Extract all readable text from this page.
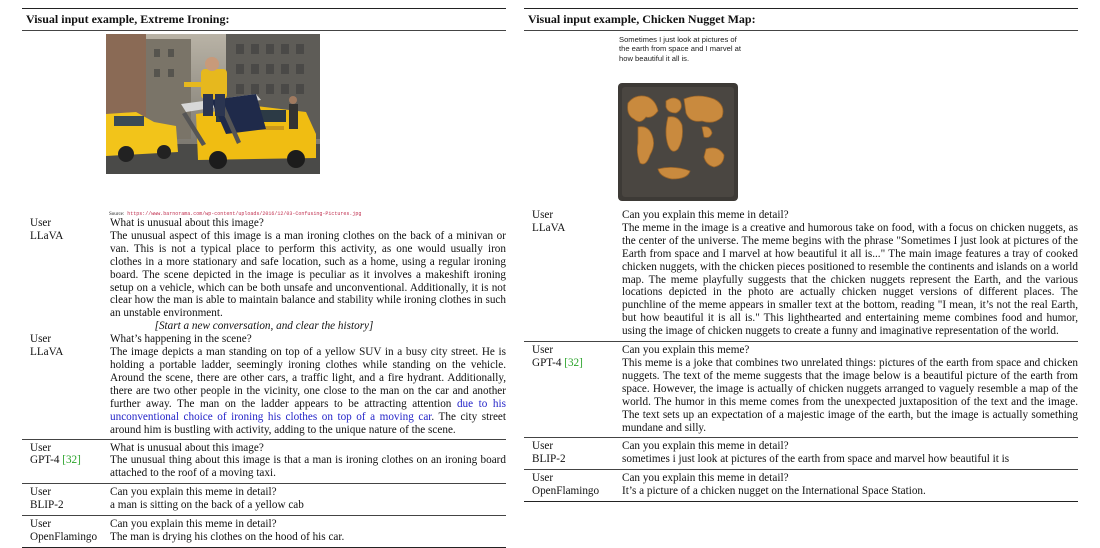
Visual input example, Extreme Ironing:
Source: https://www.barnorama.com/wp-content/uploads/2016/12/03-Confusing-Pictures.jpg
User
LLaVA
What is unusual about this image?
The unusual aspect of this image is a man ironing clothes on the back of a minivan or van. This is not a typical place to perform this activity, as one would usually iron clothes in a more stationary and safe location, such as a home, using a regular ironing board. The scene depicted in the image is peculiar as it involves a makeshift ironing setup on a vehicle, which can be both unsafe and unconventional. Additionally, it is not clear how the man is able to maintain balance and stability while ironing clothes in such an unstable environment.
[Start a new conversation, and clear the history]
User
LLaVA
What’s happening in the scene?
The image depicts a man standing on top of a yellow SUV in a busy city street. He is holding a portable ladder, seemingly ironing clothes while standing on the vehicle. Around the scene, there are other cars, a traffic light, and a fire hydrant. Additionally, there are two other people in the vicinity, one close to the man on the car and another further away. The man on the ladder appears to be attracting attention due to his unconventional choice of ironing his clothes on top of a moving car. The city street around him is bustling with activity, adding to the unique nature of the scene.
User
GPT-4 [32]
What is unusual about this image?
The unusual thing about this image is that a man is ironing clothes on an ironing board attached to the roof of a moving taxi.
User
BLIP-2
Can you explain this meme in detail?
a man is sitting on the back of a yellow cab
User
OpenFlamingo
Can you explain this meme in detail?
The man is drying his clothes on the hood of his car.
Visual input example, Chicken Nugget Map:
Sometimes I just look at pictures of the earth from space and I marvel at how beautiful it all is.
User
LLaVA
Can you explain this meme in detail?
The meme in the image is a creative and humorous take on food, with a focus on chicken nuggets, as the center of the universe. The meme begins with the phrase "Sometimes I just look at pictures of the Earth from space and I marvel at how beautiful it all is..." The main image features a tray of cooked chicken nuggets, with the chicken pieces positioned to resemble the continents and islands on a world map. The meme playfully suggests that the chicken nuggets represent the Earth, and the various locations depicted in the photo are actually chicken nugget versions of different places. The punchline of the meme appears in smaller text at the bottom, reading "I mean, it’s not the real Earth, but how beautiful it is all is." This lighthearted and entertaining meme combines food and humor, using the image of chicken nuggets to create a funny and imaginative representation of the world.
User
GPT-4 [32]
Can you explain this meme?
This meme is a joke that combines two unrelated things: pictures of the earth from space and chicken nuggets. The text of the meme suggests that the image below is a beautiful picture of the earth from space. However, the image is actually of chicken nuggets arranged to vaguely resemble a map of the world. The humor in this meme comes from the unexpected juxtaposition of the text and the image. The text sets up an expectation of a majestic image of the earth, but the image is actually something mundane and silly.
User
BLIP-2
Can you explain this meme in detail?
sometimes i just look at pictures of the earth from space and marvel how beautiful it is
User
OpenFlamingo
Can you explain this meme in detail?
It’s a picture of a chicken nugget on the International Space Station.
